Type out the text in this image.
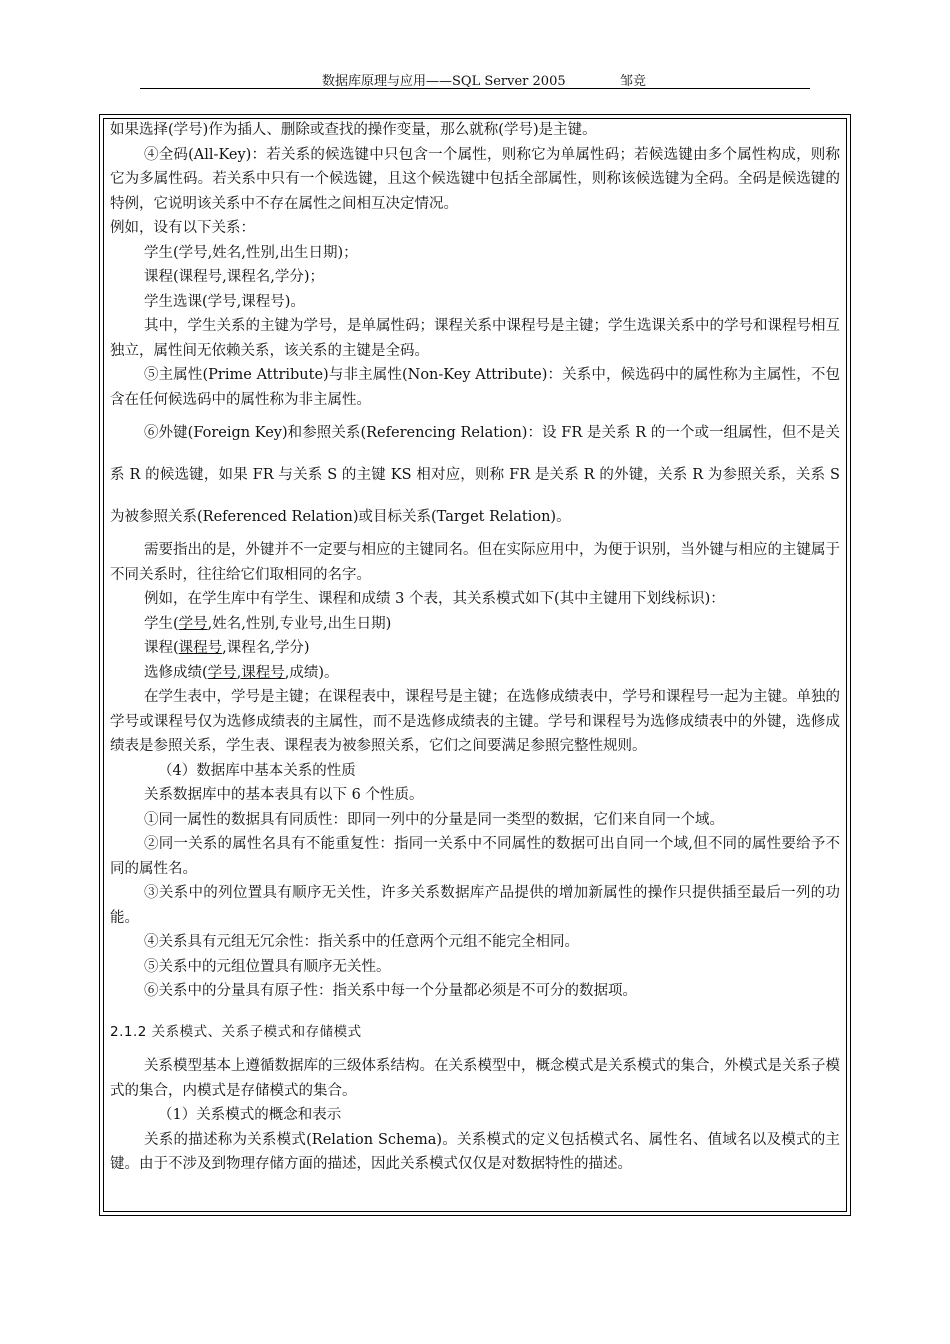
数据库原理与应用——SQL Server 2005	邹竞

如果选择(学号)作为插人、删除或查找的操作变量，那么就称(学号)是主键。

④全码(All-Key)：若关系的候选键中只包含一个属性，则称它为单属性码；若候选键由多个属性构成，则称它为多属性码。若关系中只有一个候选键，且这个候选键中包括全部属性，则称该候选键为全码。全码是候选键的特例，它说明该关系中不存在属性之间相互决定情况。

例如，设有以下关系：

学生(学号,姓名,性别,出生日期)；

课程(课程号,课程名,学分)；

学生选课(学号,课程号)。

其中，学生关系的主键为学号，是单属性码；课程关系中课程号是主键；学生选课关系中的学号和课程号相互独立，属性间无依赖关系，该关系的主键是全码。

⑤主属性(Prime Attribute)与非主属性(Non-Key Attribute)：关系中，候选码中的属性称为主属性，不包含在任何候选码中的属性称为非主属性。

⑥外键(Foreign Key)和参照关系(Referencing Relation)：设 FR 是关系 R 的一个或一组属性，但不是关系 R 的候选键，如果 FR 与关系 S 的主键 KS 相对应，则称 FR 是关系 R 的外键，关系 R 为参照关系，关系 S 为被参照关系(Referenced Relation)或目标关系(Target Relation)。

需要指出的是，外键并不一定要与相应的主键同名。但在实际应用中，为便于识别，当外键与相应的主键属于不同关系时，往往给它们取相同的名字。

例如，在学生库中有学生、课程和成绩 3 个表，其关系模式如下(其中主键用下划线标识)：

学生(学号,姓名,性别,专业号,出生日期)

课程(课程号,课程名,学分)

选修成绩(学号,课程号,成绩)。

在学生表中，学号是主键；在课程表中，课程号是主键；在选修成绩表中，学号和课程号一起为主键。单独的学号或课程号仅为选修成绩表的主属性，而不是选修成绩表的主键。学号和课程号为选修成绩表中的外键，选修成绩表是参照关系，学生表、课程表为被参照关系，它们之间要满足参照完整性规则。

（4）数据库中基本关系的性质

关系数据库中的基本表具有以下 6 个性质。

①同一属性的数据具有同质性：即同一列中的分量是同一类型的数据，它们来自同一个域。

②同一关系的属性名具有不能重复性：指同一关系中不同属性的数据可出自同一个域,但不同的属性要给予不同的属性名。

③关系中的列位置具有顺序无关性，许多关系数据库产品提供的增加新属性的操作只提供插至最后一列的功能。

④关系具有元组无冗余性：指关系中的任意两个元组不能完全相同。

⑤关系中的元组位置具有顺序无关性。

⑥关系中的分量具有原子性：指关系中每一个分量都必须是不可分的数据项。

2.1.2 关系模式、关系子模式和存储模式

关系模型基本上遵循数据库的三级体系结构。在关系模型中，概念模式是关系模式的集合，外模式是关系子模式的集合，内模式是存储模式的集合。

（1）关系模式的概念和表示

关系的描述称为关系模式(Relation Schema)。关系模式的定义包括模式名、属性名、值域名以及模式的主键。由于不涉及到物理存储方面的描述，因此关系模式仅仅是对数据特性的描述。
